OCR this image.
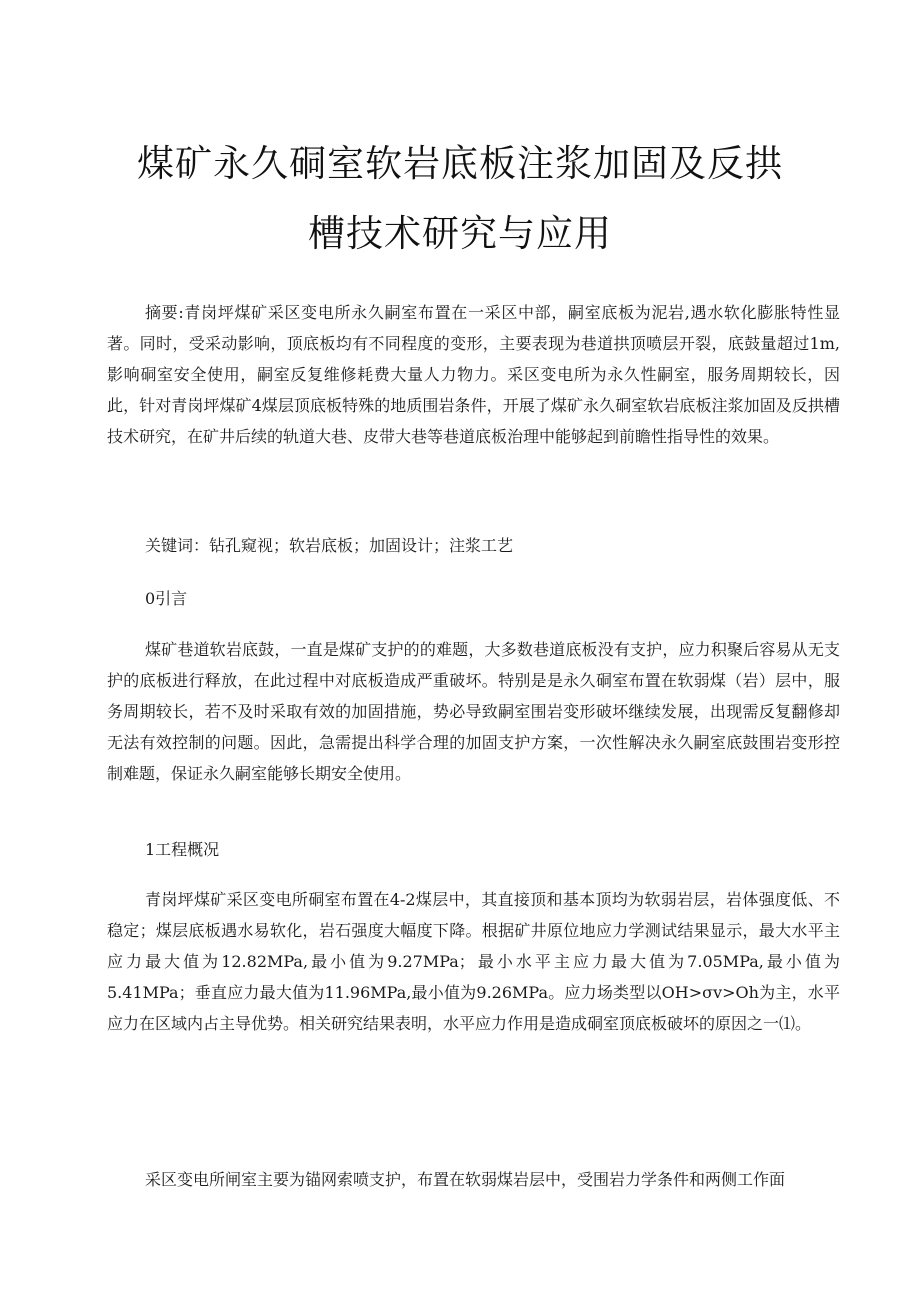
煤矿永久硐室软岩底板注浆加固及反拱
槽技术研究与应用

摘要:青岗坪煤矿采区变电所永久嗣室布置在一采区中部，嗣室底板为泥岩,遇水软化膨胀特性显著。同时，受采动影响，顶底板均有不同程度的变形，主要表现为巷道拱顶喷层开裂，底鼓量超过1m,影响硐室安全使用，嗣室反复维修耗费大量人力物力。采区变电所为永久性嗣室，服务周期较长，因此，针对青岗坪煤矿4煤层顶底板特殊的地质围岩条件，开展了煤矿永久硐室软岩底板注浆加固及反拱槽技术研究，在矿井后续的轨道大巷、皮带大巷等巷道底板治理中能够起到前瞻性指导性的效果。

关键词：钻孔窥视；软岩底板；加固设计；注浆工艺

0引言

煤矿巷道软岩底鼓，一直是煤矿支护的的难题，大多数巷道底板没有支护，应力积聚后容易从无支护的底板进行释放，在此过程中对底板造成严重破坏。特别是是永久硐室布置在软弱煤（岩）层中，服务周期较长，若不及时采取有效的加固措施，势必导致嗣室围岩变形破坏继续发展，出现需反复翻修却无法有效控制的问题。因此，急需提出科学合理的加固支护方案，一次性解决永久嗣室底鼓围岩变形控制难题，保证永久嗣室能够长期安全使用。

1工程概况

青岗坪煤矿采区变电所硐室布置在4-2煤层中，其直接顶和基本顶均为软弱岩层，岩体强度低、不稳定；煤层底板遇水易软化，岩石强度大幅度下降。根据矿井原位地应力学测试结果显示，最大水平主应力最大值为12.82MPa,最小值为9.27MPa；最小水平主应力最大值为7.05MPa,最小值为5.41MPa；垂直应力最大值为11.96MPa,最小值为9.26MPa。应力场类型以OH>σv>Oh为主，水平应力在区域内占主导优势。相关研究结果表明，水平应力作用是造成硐室顶底板破坏的原因之一⑴。

采区变电所闸室主要为锚网索喷支护，布置在软弱煤岩层中，受围岩力学条件和两侧工作面
